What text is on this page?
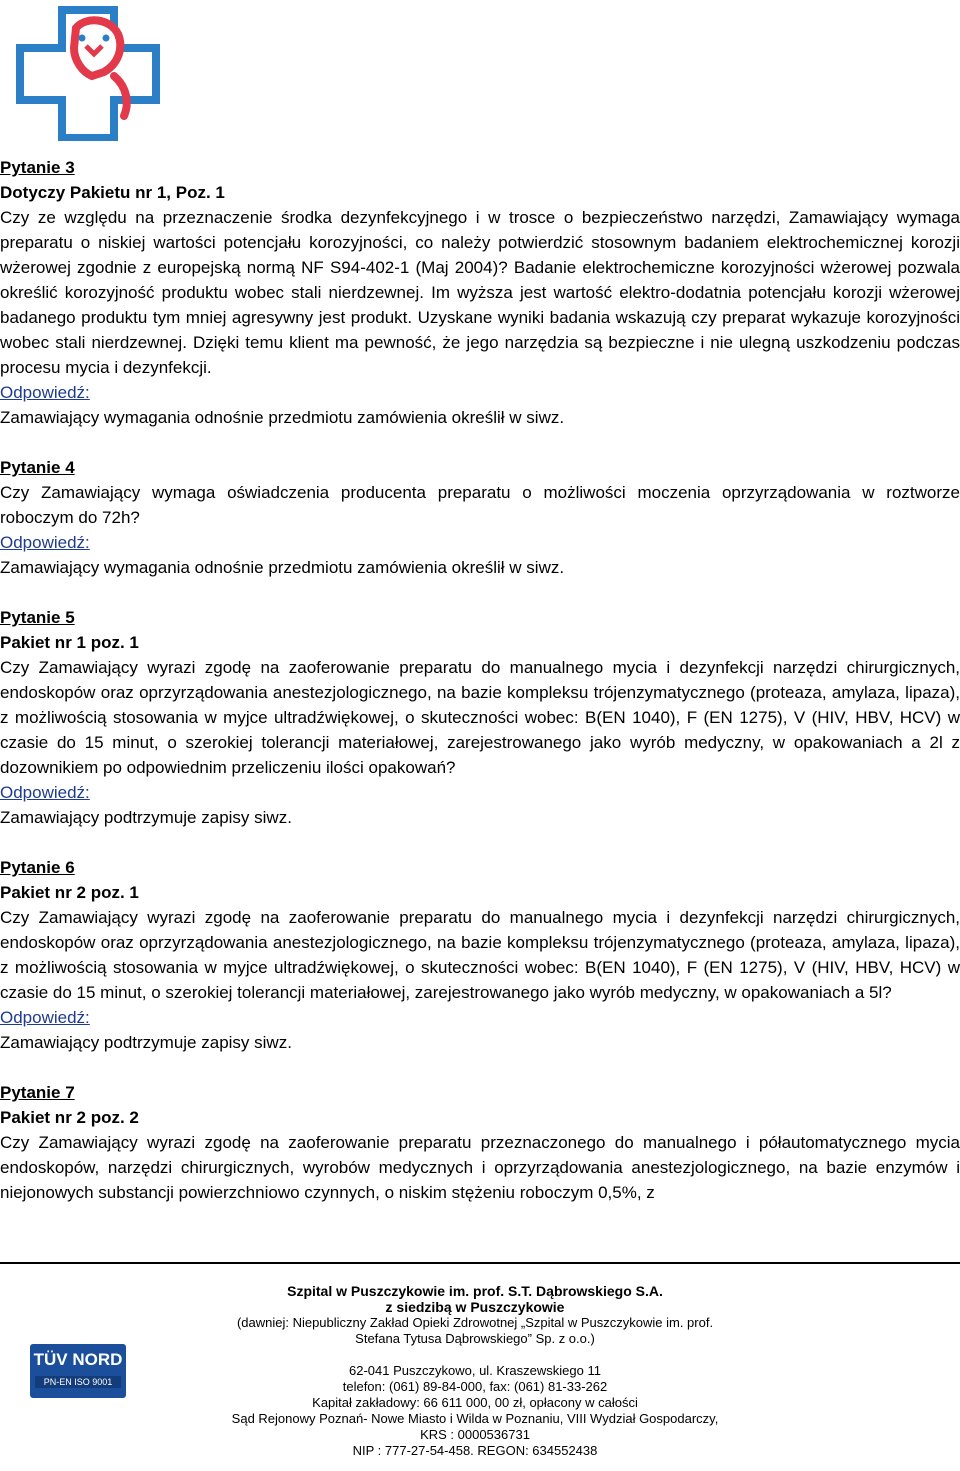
Pytanie 3
Dotyczy Pakietu nr 1, Poz. 1
Czy ze względu na przeznaczenie środka dezynfekcyjnego i w trosce o bezpieczeństwo narzędzi, Zamawiający wymaga preparatu o niskiej wartości potencjału korozyjności, co należy potwierdzić stosownym badaniem elektrochemicznej korozji wżerowej zgodnie z europejską normą NF S94-402-1 (Maj 2004)? Badanie elektrochemiczne korozyjności wżerowej pozwala określić korozyjność produktu wobec stali nierdzewnej. Im wyższa jest wartość elektro-dodatnia potencjału korozji wżerowej badanego produktu tym mniej agresywny jest produkt. Uzyskane wyniki badania wskazują czy preparat wykazuje korozyjności wobec stali nierdzewnej. Dzięki temu klient ma pewność, że jego narzędzia są bezpieczne i nie ulegną uszkodzeniu podczas procesu mycia i dezynfekcji.
Odpowiedź:
Zamawiający wymagania odnośnie przedmiotu zamówienia określił w siwz.
Pytanie 4
Czy Zamawiający wymaga oświadczenia producenta preparatu o możliwości moczenia oprzyrządowania w roztworze roboczym do 72h?
Odpowiedź:
Zamawiający wymagania odnośnie przedmiotu zamówienia określił w siwz.
Pytanie 5
Pakiet nr 1 poz. 1
Czy Zamawiający wyrazi zgodę na zaoferowanie preparatu do manualnego mycia i dezynfekcji narzędzi chirurgicznych, endoskopów oraz oprzyrządowania anestezjologicznego, na bazie kompleksu trójenzymatycznego (proteaza, amylaza, lipaza), z możliwością stosowania w myjce ultradźwiękowej, o skuteczności wobec: B(EN 1040), F (EN 1275), V (HIV, HBV, HCV) w czasie do 15 minut, o szerokiej tolerancji materiałowej, zarejestrowanego jako wyrób medyczny, w opakowaniach a 2l z dozownikiem po odpowiednim przeliczeniu ilości opakowań?
Odpowiedź:
Zamawiający podtrzymuje zapisy siwz.
Pytanie 6
Pakiet nr 2 poz. 1
Czy Zamawiający wyrazi zgodę na zaoferowanie preparatu do manualnego mycia i dezynfekcji narzędzi chirurgicznych, endoskopów oraz oprzyrządowania anestezjologicznego, na bazie kompleksu trójenzymatycznego (proteaza, amylaza, lipaza), z możliwością stosowania w myjce ultradźwiękowej, o skuteczności wobec: B(EN 1040), F (EN 1275), V (HIV, HBV, HCV) w czasie do 15 minut, o szerokiej tolerancji materiałowej, zarejestrowanego jako wyrób medyczny, w opakowaniach a 5l?
Odpowiedź:
Zamawiający podtrzymuje zapisy siwz.
Pytanie 7
Pakiet nr 2 poz. 2
Czy Zamawiający wyrazi zgodę na zaoferowanie preparatu przeznaczonego do manualnego i półautomatycznego mycia endoskopów, narzędzi chirurgicznych, wyrobów medycznych i oprzyrządowania anestezjologicznego, na bazie enzymów i niejonowych substancji powierzchniowo czynnych, o niskim stężeniu roboczym 0,5%, z
TÜV NORD
PN-EN ISO 9001
Szpital w Puszczykowie im. prof. S.T. Dąbrowskiego S.A.
z siedzibą w Puszczykowie
(dawniej: Niepubliczny Zakład Opieki Zdrowotnej „Szpital w Puszczykowie im. prof.
Stefana Tytusa Dąbrowskiego” Sp. z o.o.)
62-041 Puszczykowo, ul. Kraszewskiego 11
telefon: (061) 89-84-000, fax: (061) 81-33-262
Kapitał zakładowy: 66 611 000, 00 zł, opłacony w całości
Sąd Rejonowy Poznań- Nowe Miasto i Wilda w Poznaniu, VIII Wydział Gospodarczy,
KRS : 0000536731
NIP : 777-27-54-458. REGON: 634552438
